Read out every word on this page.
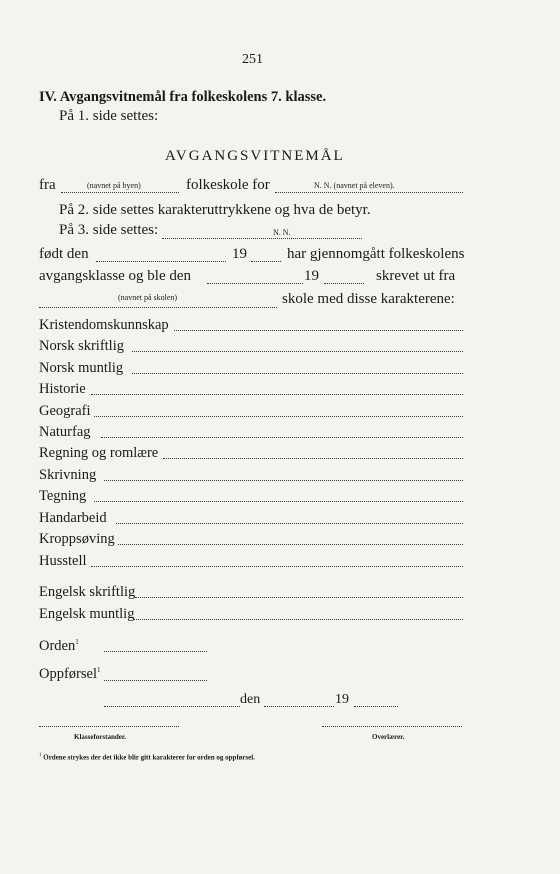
251
IV. Avgangsvitnemål fra folkeskolens 7. klasse.
På 1. side settes:
AVGANGSVITNEMÅL
fra	(navnet på byen)	folkeskole for	N. N. (navnet på eleven).
På 2. side settes karakteruttrykkene og hva de betyr.
På 3. side settes:	N. N.
født den	19	har gjennomgått folkeskolens
avgangsklasse og ble den	19	skrevet ut fra
(navnet på skolen)	skole med disse karakterene:
Kristendomskunnskap
Norsk skriftlig
Norsk muntlig
Historie
Geografi
Naturfag
Regning og romlære
Skrivning
Tegning
Handarbeid
Kroppsøving
Husstell
Engelsk skriftlig
Engelsk muntlig
Orden$^1$
Oppførsel$^1$
den	19
Klasseforstander.	Overlærer.
$^1$ Ordene strykes der det ikke blir gitt karakterer for orden og oppførsel.
